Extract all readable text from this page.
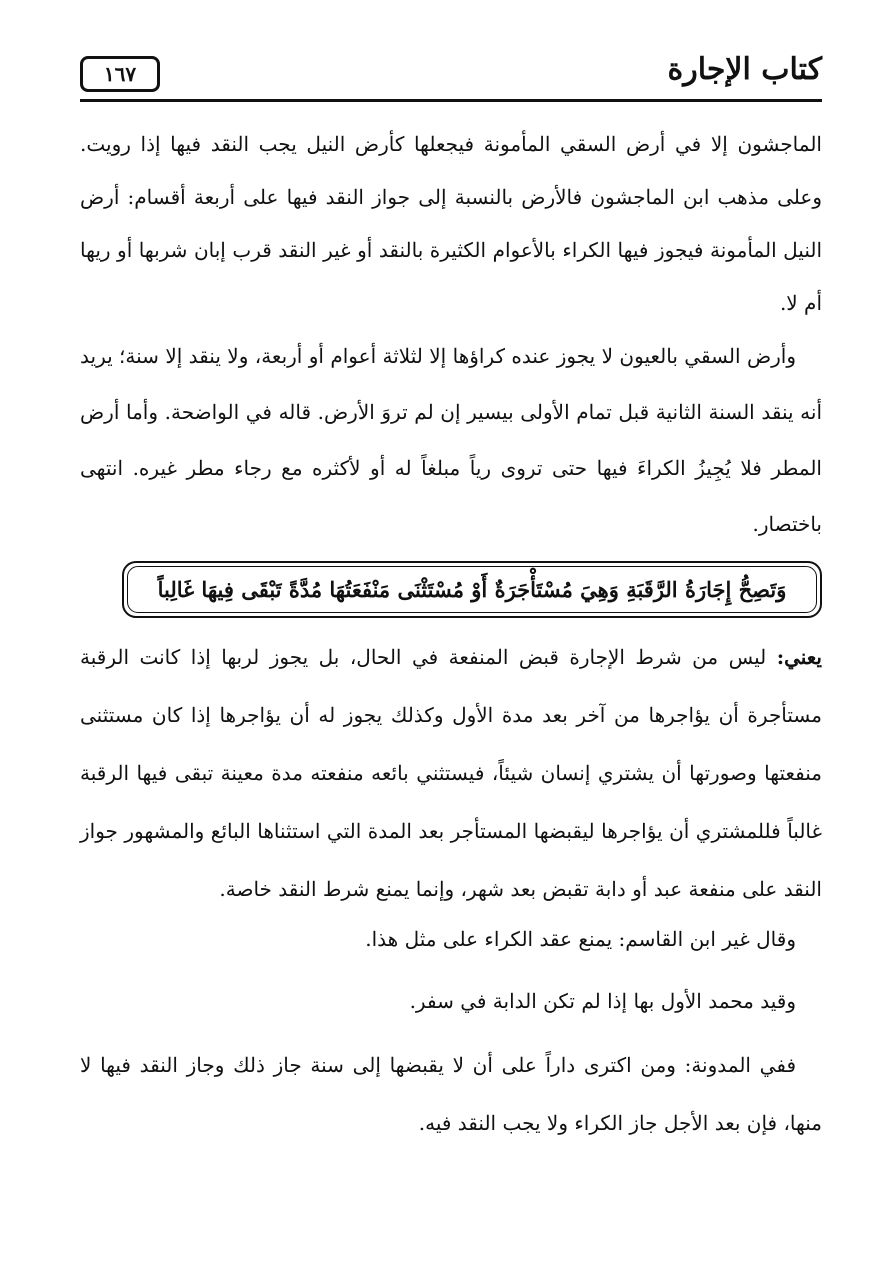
كتاب الإجارة
١٦٧

الماجشون إلا في أرض السقي المأمونة فيجعلها كأرض النيل يجب النقد فيها إذا رويت. وعلى مذهب ابن الماجشون فالأرض بالنسبة إلى جواز النقد فيها على أربعة أقسام: أرض النيل المأمونة فيجوز فيها الكراء بالأعوام الكثيرة بالنقد أو غير النقد قرب إبان شربها أو ريها أم لا.

وأرض السقي بالعيون لا يجوز عنده كراؤها إلا لثلاثة أعوام أو أربعة، ولا ينقد إلا سنة؛ يريد أنه ينقد السنة الثانية قبل تمام الأولى بيسير إن لم تروَ الأرض. قاله في الواضحة. وأما أرض المطر فلا يُجِيزُ الكراءَ فيها حتى تروى رياً مبلغاً له أو لأكثره مع رجاء مطر غيره. انتهى باختصار.

وَتَصِحُّ إِجَارَةُ الرَّقَبَةِ وَهِيَ مُسْتَأْجَرَةٌ أَوْ مُسْتَثْنَى مَنْفَعَتُهَا مُدَّةً تَبْقَى فِيهَا غَالِباً

يعني: ليس من شرط الإجارة قبض المنفعة في الحال، بل يجوز لربها إذا كانت الرقبة مستأجرة أن يؤاجرها من آخر بعد مدة الأول وكذلك يجوز له أن يؤاجرها إذا كان مستثنى منفعتها وصورتها أن يشتري إنسان شيئاً، فيستثني بائعه منفعته مدة معينة تبقى فيها الرقبة غالباً فللمشتري أن يؤاجرها ليقبضها المستأجر بعد المدة التي استثناها البائع والمشهور جواز النقد على منفعة عبد أو دابة تقبض بعد شهر، وإنما يمنع شرط النقد خاصة.

وقال غير ابن القاسم: يمنع عقد الكراء على مثل هذا.

وقيد محمد الأول بها إذا لم تكن الدابة في سفر.

ففي المدونة: ومن اكترى داراً على أن لا يقبضها إلى سنة جاز ذلك وجاز النقد فيها لا منها، فإن بعد الأجل جاز الكراء ولا يجب النقد فيه.
